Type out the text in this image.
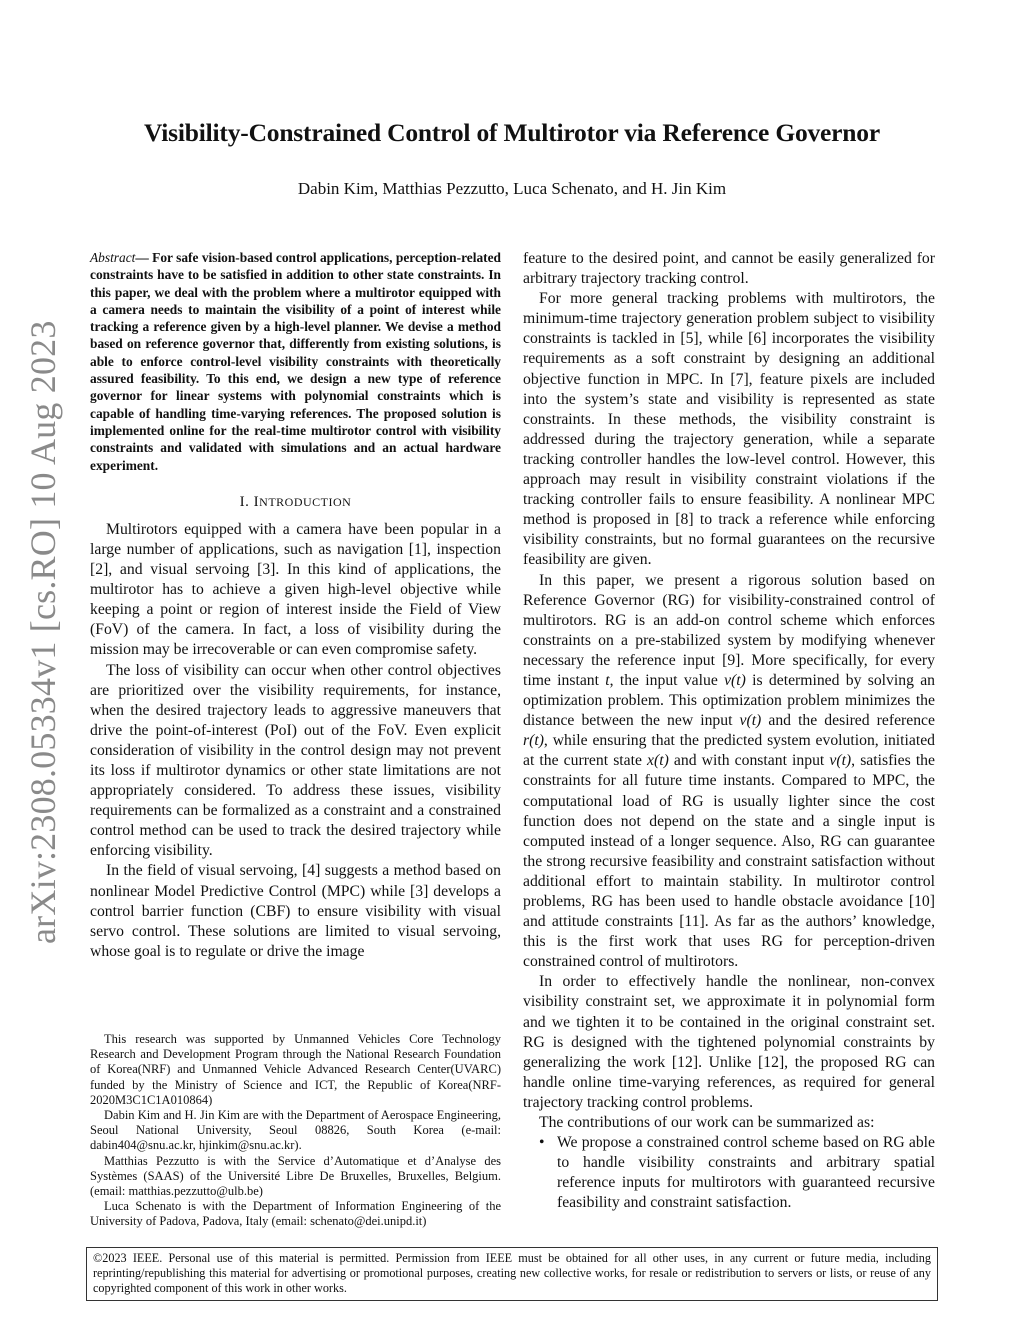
arXiv:2308.05334v1 [cs.RO] 10 Aug 2023
Visibility-Constrained Control of Multirotor via Reference Governor
Dabin Kim, Matthias Pezzutto, Luca Schenato, and H. Jin Kim

Abstract— For safe vision-based control applications, perception-related constraints have to be satisfied in addition to other state constraints. In this paper, we deal with the problem where a multirotor equipped with a camera needs to maintain the visibility of a point of interest while tracking a reference given by a high-level planner. We devise a method based on reference governor that, differently from existing solutions, is able to enforce control-level visibility constraints with theoretically assured feasibility. To this end, we design a new type of reference governor for linear systems with polynomial constraints which is capable of handling time-varying references. The proposed solution is implemented online for the real-time multirotor control with visibility constraints and validated with simulations and an actual hardware experiment.

I. INTRODUCTION

Multirotors equipped with a camera have been popular in a large number of applications, such as navigation [1], inspection [2], and visual servoing [3]. In this kind of applications, the multirotor has to achieve a given high-level objective while keeping a point or region of interest inside the Field of View (FoV) of the camera. In fact, a loss of visibility during the mission may be irrecoverable or can even compromise safety.

The loss of visibility can occur when other control objectives are prioritized over the visibility requirements, for instance, when the desired trajectory leads to aggressive maneuvers that drive the point-of-interest (PoI) out of the FoV. Even explicit consideration of visibility in the control design may not prevent its loss if multirotor dynamics or other state limitations are not appropriately considered. To address these issues, visibility requirements can be formalized as a constraint and a constrained control method can be used to track the desired trajectory while enforcing visibility.

In the field of visual servoing, [4] suggests a method based on nonlinear Model Predictive Control (MPC) while [3] develops a control barrier function (CBF) to ensure visibility with visual servo control. These solutions are limited to visual servoing, whose goal is to regulate or drive the image

This research was supported by Unmanned Vehicles Core Technology Research and Development Program through the National Research Foundation of Korea(NRF) and Unmanned Vehicle Advanced Research Center(UVARC) funded by the Ministry of Science and ICT, the Republic of Korea(NRF-2020M3C1C1A010864)

Dabin Kim and H. Jin Kim are with the Department of Aerospace Engineering, Seoul National University, Seoul 08826, South Korea (e-mail: dabin404@snu.ac.kr, hjinkim@snu.ac.kr).

Matthias Pezzutto is with the Service d’Automatique et d’Analyse des Systèmes (SAAS) of the Université Libre De Bruxelles, Bruxelles, Belgium. (email: matthias.pezzutto@ulb.be)

Luca Schenato is with the Department of Information Engineering of the University of Padova, Padova, Italy (email: schenato@dei.unipd.it)

feature to the desired point, and cannot be easily generalized for arbitrary trajectory tracking control.

For more general tracking problems with multirotors, the minimum-time trajectory generation problem subject to visibility constraints is tackled in [5], while [6] incorporates the visibility requirements as a soft constraint by designing an additional objective function in MPC. In [7], feature pixels are included into the system’s state and visibility is represented as state constraints. In these methods, the visibility constraint is addressed during the trajectory generation, while a separate tracking controller handles the low-level control. However, this approach may result in visibility constraint violations if the tracking controller fails to ensure feasibility. A nonlinear MPC method is proposed in [8] to track a reference while enforcing visibility constraints, but no formal guarantees on the recursive feasibility are given.

In this paper, we present a rigorous solution based on Reference Governor (RG) for visibility-constrained control of multirotors. RG is an add-on control scheme which enforces constraints on a pre-stabilized system by modifying whenever necessary the reference input [9]. More specifically, for every time instant t, the input value v(t) is determined by solving an optimization problem. This optimization problem minimizes the distance between the new input v(t) and the desired reference r(t), while ensuring that the predicted system evolution, initiated at the current state x(t) and with constant input v(t), satisfies the constraints for all future time instants. Compared to MPC, the computational load of RG is usually lighter since the cost function does not depend on the state and a single input is computed instead of a longer sequence. Also, RG can guarantee the strong recursive feasibility and constraint satisfaction without additional effort to maintain stability. In multirotor control problems, RG has been used to handle obstacle avoidance [10] and attitude constraints [11]. As far as the authors’ knowledge, this is the first work that uses RG for perception-driven constrained control of multirotors.

In order to effectively handle the nonlinear, non-convex visibility constraint set, we approximate it in polynomial form and we tighten it to be contained in the original constraint set. RG is designed with the tightened polynomial constraints by generalizing the work [12]. Unlike [12], the proposed RG can handle online time-varying references, as required for general trajectory tracking control problems.

The contributions of our work can be summarized as:

• We propose a constrained control scheme based on RG able to handle visibility constraints and arbitrary spatial reference inputs for multirotors with guaranteed recursive feasibility and constraint satisfaction.
©2023 IEEE. Personal use of this material is permitted. Permission from IEEE must be obtained for all other uses, in any current or future media, including reprinting/republishing this material for advertising or promotional purposes, creating new collective works, for resale or redistribution to servers or lists, or reuse of any copyrighted component of this work in other works.
